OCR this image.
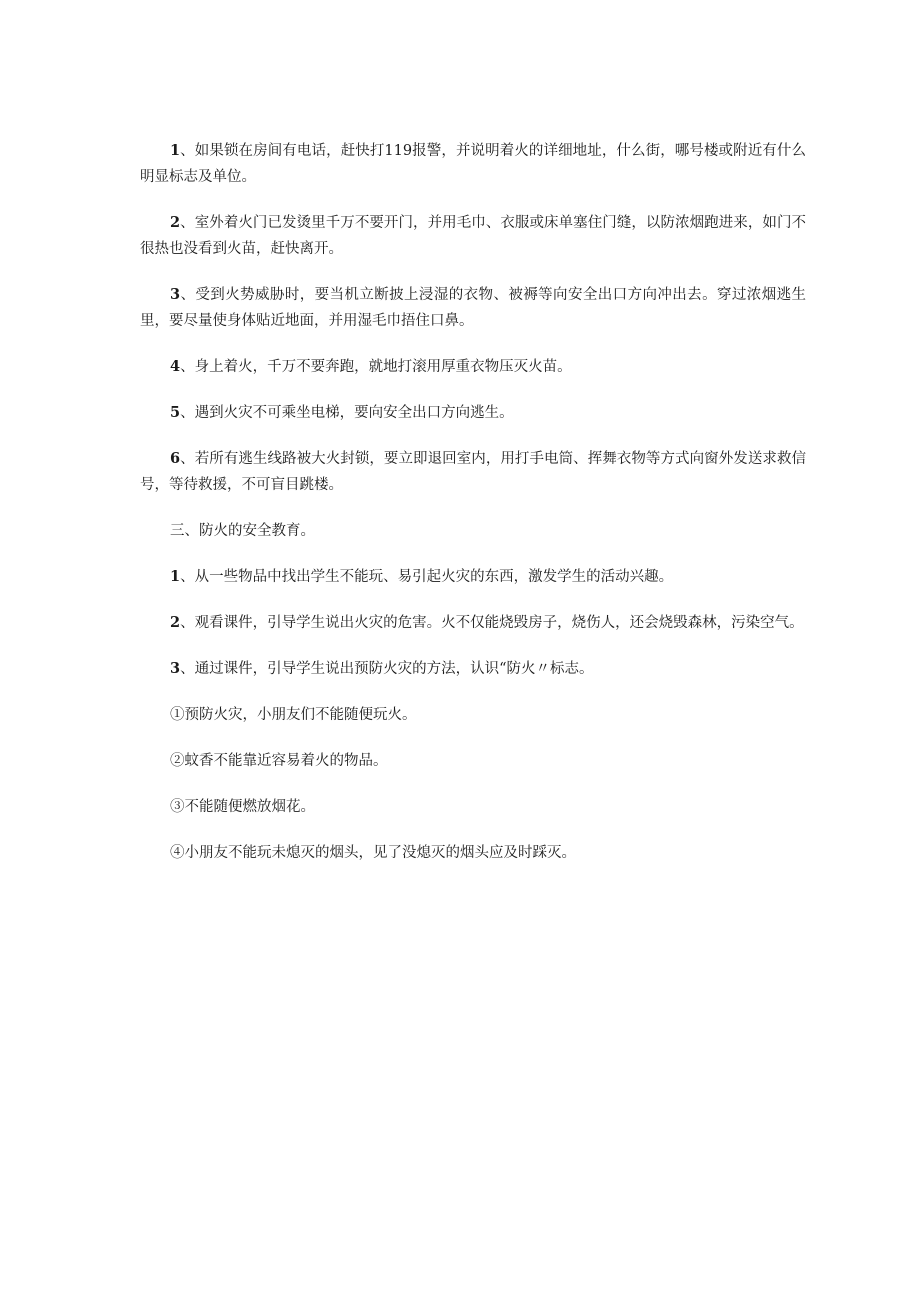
1、如果锁在房间有电话，赶快打119报警，并说明着火的详细地址，什么街，哪号楼或附近有什么明显标志及单位。

2、室外着火门已发烫里千万不要开门，并用毛巾、衣服或床单塞住门缝，以防浓烟跑进来，如门不很热也没看到火苗，赶快离开。

3、受到火势威胁时，要当机立断披上浸湿的衣物、被褥等向安全出口方向冲出去。穿过浓烟逃生里，要尽量使身体贴近地面，并用湿毛巾捂住口鼻。

4、身上着火，千万不要奔跑，就地打滚用厚重衣物压灭火苗。

5、遇到火灾不可乘坐电梯，要向安全出口方向逃生。

6、若所有逃生线路被大火封锁，要立即退回室内，用打手电筒、挥舞衣物等方式向窗外发送求救信号，等待救援，不可盲目跳楼。

三、防火的安全教育。

1、从一些物品中找出学生不能玩、易引起火灾的东西，激发学生的活动兴趣。

2、观看课件，引导学生说出火灾的危害。火不仅能烧毁房子，烧伤人，还会烧毁森林，污染空气。

3、通过课件，引导学生说出预防火灾的方法，认识“防火〃标志。

①预防火灾，小朋友们不能随便玩火。

②蚊香不能靠近容易着火的物品。

③不能随便燃放烟花。

④小朋友不能玩未熄灭的烟头，见了没熄灭的烟头应及时踩灭。
